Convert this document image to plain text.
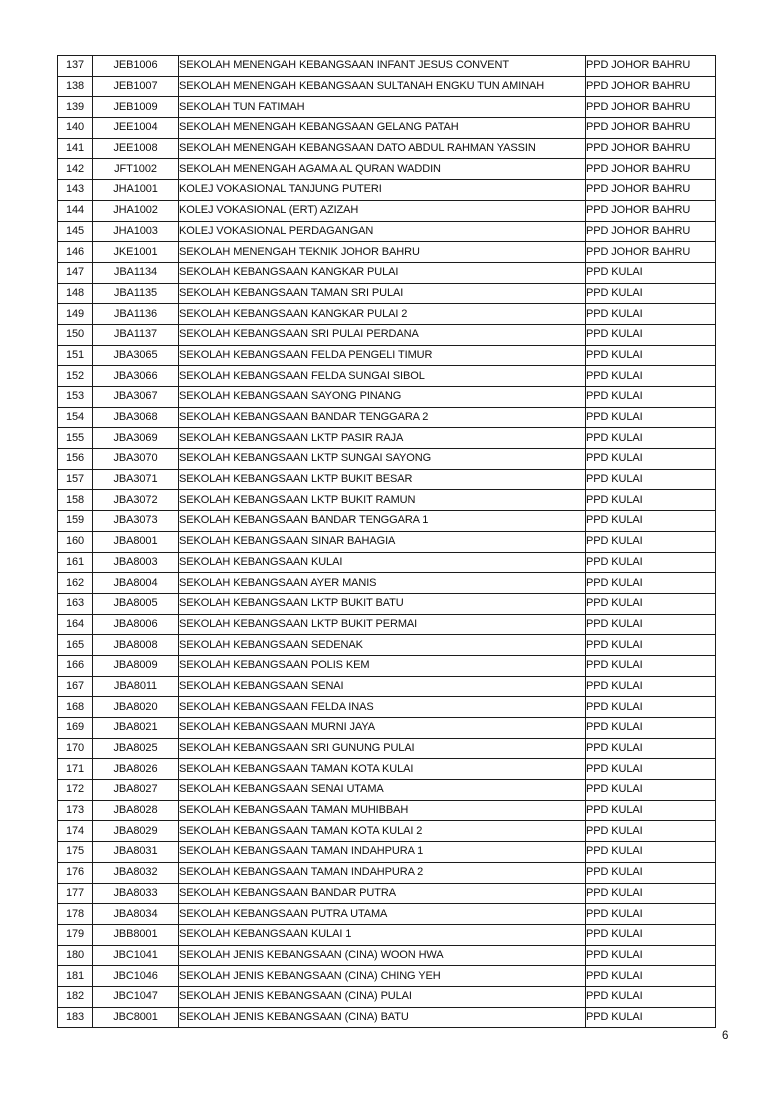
137	JEB1006	SEKOLAH MENENGAH KEBANGSAAN INFANT JESUS CONVENT	PPD JOHOR BAHRU
138	JEB1007	SEKOLAH MENENGAH KEBANGSAAN SULTANAH ENGKU TUN AMINAH	PPD JOHOR BAHRU
139	JEB1009	SEKOLAH TUN FATIMAH	PPD JOHOR BAHRU
140	JEE1004	SEKOLAH MENENGAH KEBANGSAAN GELANG PATAH	PPD JOHOR BAHRU
141	JEE1008	SEKOLAH MENENGAH KEBANGSAAN DATO ABDUL RAHMAN YASSIN	PPD JOHOR BAHRU
142	JFT1002	SEKOLAH MENENGAH AGAMA AL QURAN WADDIN	PPD JOHOR BAHRU
143	JHA1001	KOLEJ VOKASIONAL TANJUNG PUTERI	PPD JOHOR BAHRU
144	JHA1002	KOLEJ VOKASIONAL (ERT) AZIZAH	PPD JOHOR BAHRU
145	JHA1003	KOLEJ VOKASIONAL PERDAGANGAN	PPD JOHOR BAHRU
146	JKE1001	SEKOLAH MENENGAH TEKNIK JOHOR BAHRU	PPD JOHOR BAHRU
147	JBA1134	SEKOLAH KEBANGSAAN KANGKAR PULAI	PPD KULAI
148	JBA1135	SEKOLAH KEBANGSAAN TAMAN SRI PULAI	PPD KULAI
149	JBA1136	SEKOLAH KEBANGSAAN KANGKAR PULAI 2	PPD KULAI
150	JBA1137	SEKOLAH KEBANGSAAN SRI PULAI PERDANA	PPD KULAI
151	JBA3065	SEKOLAH KEBANGSAAN FELDA PENGELI TIMUR	PPD KULAI
152	JBA3066	SEKOLAH KEBANGSAAN FELDA SUNGAI SIBOL	PPD KULAI
153	JBA3067	SEKOLAH KEBANGSAAN SAYONG PINANG	PPD KULAI
154	JBA3068	SEKOLAH KEBANGSAAN BANDAR TENGGARA 2	PPD KULAI
155	JBA3069	SEKOLAH KEBANGSAAN LKTP PASIR RAJA	PPD KULAI
156	JBA3070	SEKOLAH KEBANGSAAN LKTP SUNGAI SAYONG	PPD KULAI
157	JBA3071	SEKOLAH KEBANGSAAN LKTP BUKIT BESAR	PPD KULAI
158	JBA3072	SEKOLAH KEBANGSAAN LKTP BUKIT RAMUN	PPD KULAI
159	JBA3073	SEKOLAH KEBANGSAAN BANDAR TENGGARA 1	PPD KULAI
160	JBA8001	SEKOLAH KEBANGSAAN SINAR BAHAGIA	PPD KULAI
161	JBA8003	SEKOLAH KEBANGSAAN KULAI	PPD KULAI
162	JBA8004	SEKOLAH KEBANGSAAN AYER MANIS	PPD KULAI
163	JBA8005	SEKOLAH KEBANGSAAN LKTP BUKIT BATU	PPD KULAI
164	JBA8006	SEKOLAH KEBANGSAAN LKTP BUKIT PERMAI	PPD KULAI
165	JBA8008	SEKOLAH KEBANGSAAN SEDENAK	PPD KULAI
166	JBA8009	SEKOLAH KEBANGSAAN POLIS KEM	PPD KULAI
167	JBA8011	SEKOLAH KEBANGSAAN SENAI	PPD KULAI
168	JBA8020	SEKOLAH KEBANGSAAN FELDA INAS	PPD KULAI
169	JBA8021	SEKOLAH KEBANGSAAN MURNI JAYA	PPD KULAI
170	JBA8025	SEKOLAH KEBANGSAAN SRI GUNUNG PULAI	PPD KULAI
171	JBA8026	SEKOLAH KEBANGSAAN TAMAN KOTA KULAI	PPD KULAI
172	JBA8027	SEKOLAH KEBANGSAAN SENAI UTAMA	PPD KULAI
173	JBA8028	SEKOLAH KEBANGSAAN TAMAN MUHIBBAH	PPD KULAI
174	JBA8029	SEKOLAH KEBANGSAAN TAMAN KOTA KULAI 2	PPD KULAI
175	JBA8031	SEKOLAH KEBANGSAAN TAMAN INDAHPURA 1	PPD KULAI
176	JBA8032	SEKOLAH KEBANGSAAN TAMAN INDAHPURA 2	PPD KULAI
177	JBA8033	SEKOLAH KEBANGSAAN BANDAR PUTRA	PPD KULAI
178	JBA8034	SEKOLAH KEBANGSAAN PUTRA UTAMA	PPD KULAI
179	JBB8001	SEKOLAH KEBANGSAAN KULAI 1	PPD KULAI
180	JBC1041	SEKOLAH JENIS KEBANGSAAN (CINA) WOON HWA	PPD KULAI
181	JBC1046	SEKOLAH JENIS KEBANGSAAN (CINA) CHING YEH	PPD KULAI
182	JBC1047	SEKOLAH JENIS KEBANGSAAN (CINA) PULAI	PPD KULAI
183	JBC8001	SEKOLAH JENIS KEBANGSAAN (CINA) BATU	PPD KULAI
6
